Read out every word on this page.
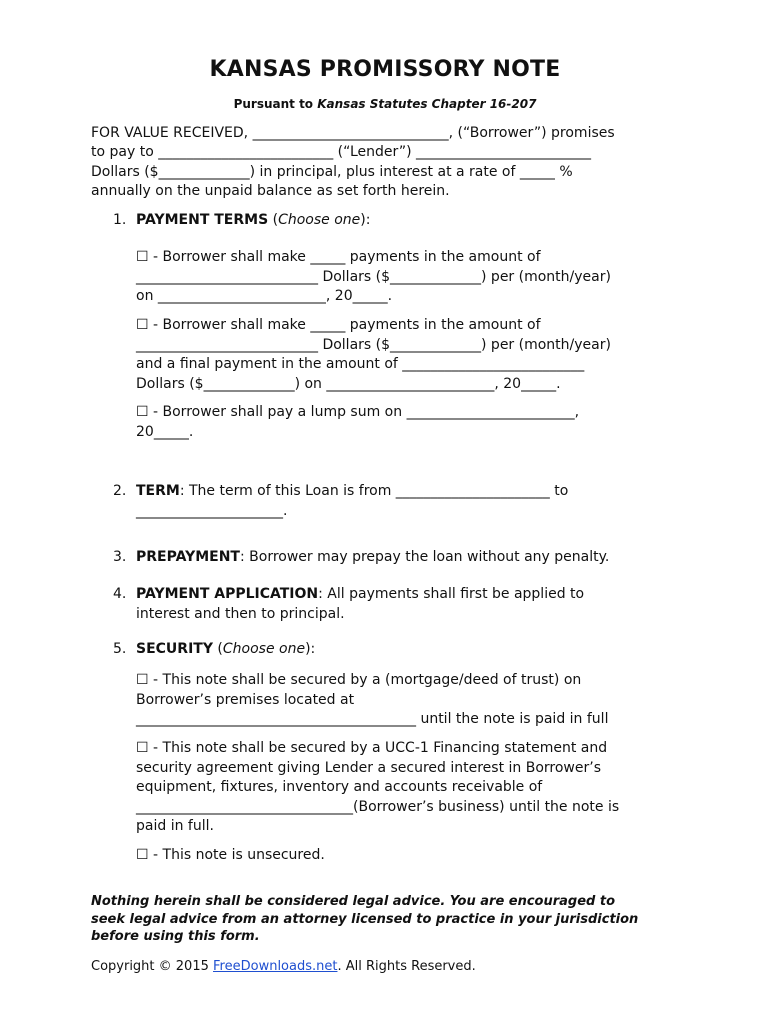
KANSAS PROMISSORY NOTE
Pursuant to Kansas Statutes Chapter 16-207
FOR VALUE RECEIVED, ____________________________, (“Borrower”) promises
to pay to _________________________ (“Lender”) _________________________
Dollars ($_____________) in principal, plus interest at a rate of _____ %
annually on the unpaid balance as set forth herein.
1. PAYMENT TERMS (Choose one):
☐ - Borrower shall make _____ payments in the amount of
__________________________ Dollars ($_____________) per (month/year)
on ________________________, 20_____.
☐ - Borrower shall make _____ payments in the amount of
__________________________ Dollars ($_____________) per (month/year)
and a final payment in the amount of __________________________
Dollars ($_____________) on ________________________, 20_____.
☐ - Borrower shall pay a lump sum on ________________________,
20_____.
2. TERM: The term of this Loan is from ______________________ to
_____________________.
3. PREPAYMENT: Borrower may prepay the loan without any penalty.
4. PAYMENT APPLICATION: All payments shall first be applied to
interest and then to principal.
5. SECURITY (Choose one):
☐ - This note shall be secured by a (mortgage/deed of trust) on
Borrower’s premises located at
________________________________________ until the note is paid in full
☐ - This note shall be secured by a UCC-1 Financing statement and
security agreement giving Lender a secured interest in Borrower’s
equipment, fixtures, inventory and accounts receivable of
_______________________________(Borrower’s business) until the note is
paid in full.
☐ - This note is unsecured.
Nothing herein shall be considered legal advice. You are encouraged to
seek legal advice from an attorney licensed to practice in your jurisdiction
before using this form.
Copyright © 2015 FreeDownloads.net. All Rights Reserved.
